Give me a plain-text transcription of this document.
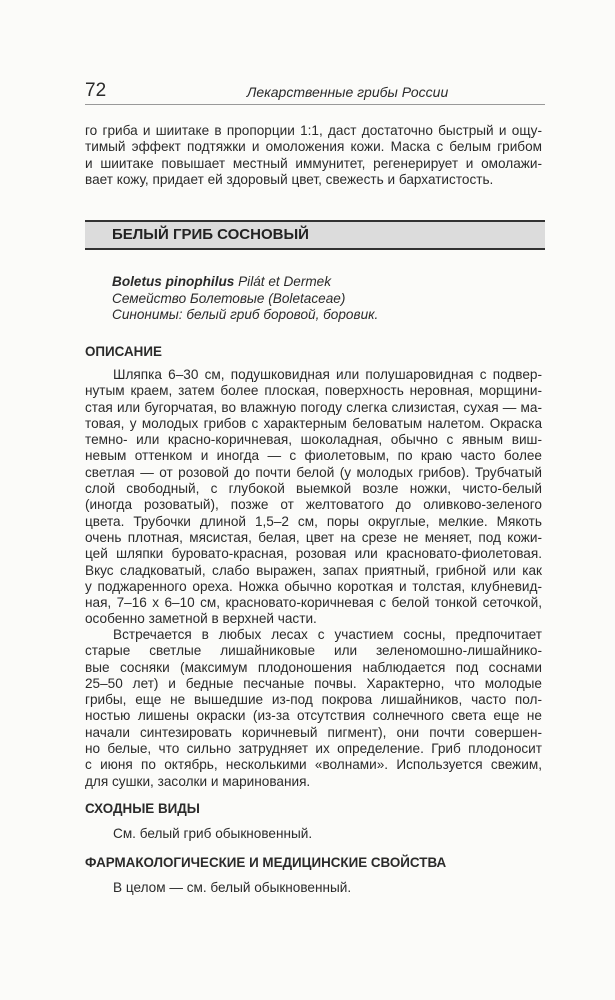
72	Лекарственные грибы России
го гриба и шиитаке в пропорции 1:1, даст достаточно быстрый и ощу-
тимый эффект подтяжки и омоложения кожи. Маска с белым грибом
и шиитаке повышает местный иммунитет, регенерирует и омолажи-
вает кожу, придает ей здоровый цвет, свежесть и бархатистость.
БЕЛЫЙ ГРИБ СОСНОВЫЙ
Boletus pinophilus Pilát et Dermek
Семейство Болетовые (Boletaceae)
Синонимы: белый гриб боровой, боровик.
ОПИСАНИЕ
Шляпка 6–30 см, подушковидная или полушаровидная с подвер-
нутым краем, затем более плоская, поверхность неровная, морщини-
стая или бугорчатая, во влажную погоду слегка слизистая, сухая — ма-
товая, у молодых грибов с характерным беловатым налетом. Окраска
темно- или красно-коричневая, шоколадная, обычно с явным виш-
невым оттенком и иногда — с фиолетовым, по краю часто более
светлая — от розовой до почти белой (у молодых грибов). Трубчатый
слой свободный, с глубокой выемкой возле ножки, чисто-белый
(иногда розоватый), позже от желтоватого до оливково-зеленого
цвета. Трубочки длиной 1,5–2 см, поры округлые, мелкие. Мякоть
очень плотная, мясистая, белая, цвет на срезе не меняет, под кожи-
цей шляпки буровато-красная, розовая или красновато-фиолетовая.
Вкус сладковатый, слабо выражен, запах приятный, грибной или как
у поджаренного ореха. Ножка обычно короткая и толстая, клубневид-
ная, 7–16 х 6–10 см, красновато-коричневая с белой тонкой сеточкой,
особенно заметной в верхней части.
Встречается в любых лесах с участием сосны, предпочитает
старые светлые лишайниковые или зеленомошно-лишайнико-
вые сосняки (максимум плодоношения наблюдается под соснами
25–50 лет) и бедные песчаные почвы. Характерно, что молодые
грибы, еще не вышедшие из-под покрова лишайников, часто пол-
ностью лишены окраски (из-за отсутствия солнечного света еще не
начали синтезировать коричневый пигмент), они почти совершен-
но белые, что сильно затрудняет их определение. Гриб плодоносит
с июня по октябрь, несколькими «волнами». Используется свежим,
для сушки, засолки и маринования.
СХОДНЫЕ ВИДЫ
См. белый гриб обыкновенный.
ФАРМАКОЛОГИЧЕСКИЕ И МЕДИЦИНСКИЕ СВОЙСТВА
В целом — см. белый обыкновенный.
